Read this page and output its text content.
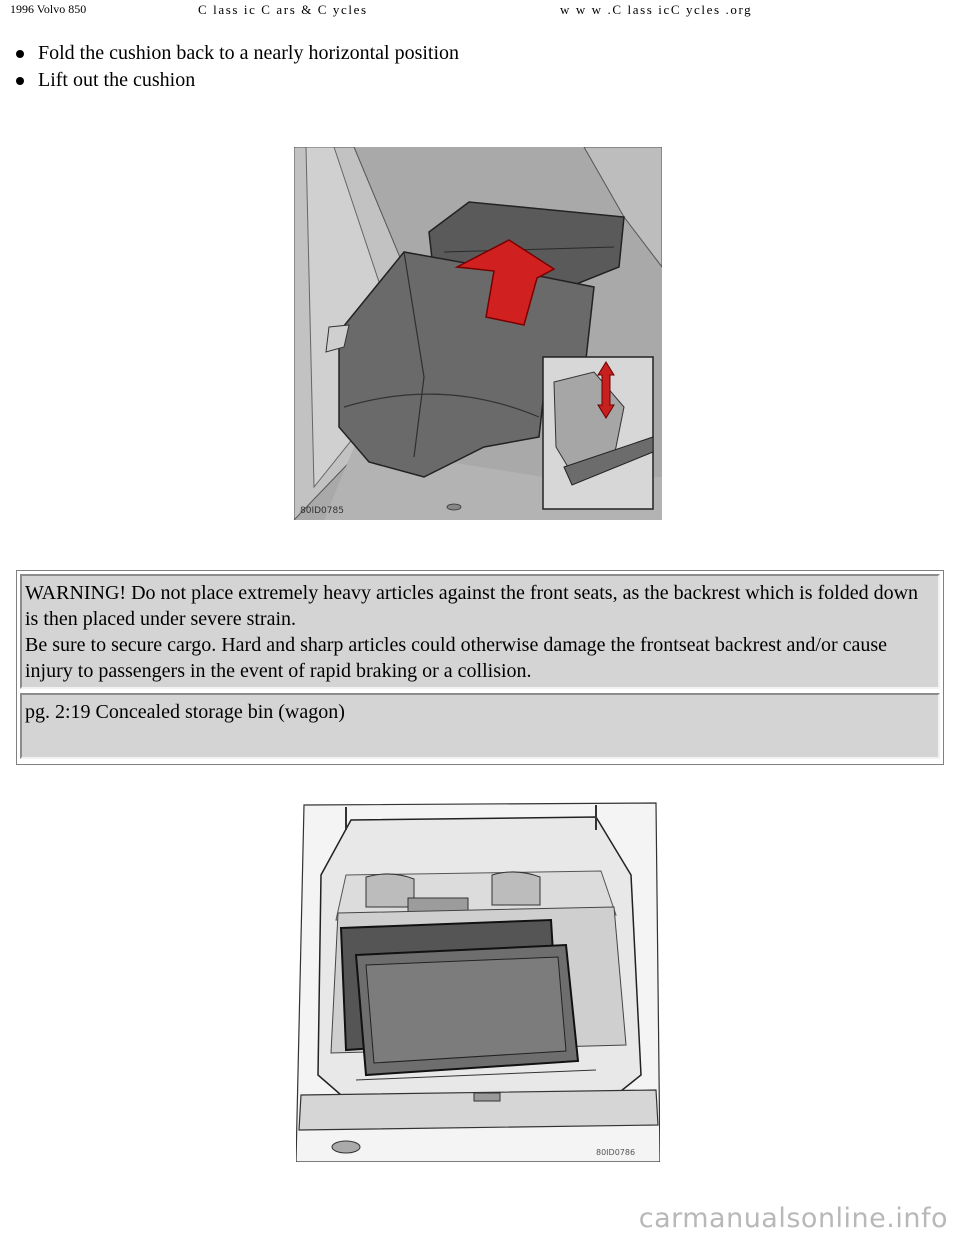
1996 Volvo 850	C lass ic C ars & C ycles	w w w .C lass icC ycles .org
Fold the cushion back to a nearly horizontal position
Lift out the cushion
80ID0785

WARNING! Do not place extremely heavy articles against the front seats, as the backrest which is folded down is then placed under severe strain.

Be sure to secure cargo. Hard and sharp articles could otherwise damage the frontseat backrest and/or cause injury to passengers in the event of rapid braking or a collision.

pg. 2:19 Concealed storage bin (wagon)

80ID0786
carmanualsonline.info
